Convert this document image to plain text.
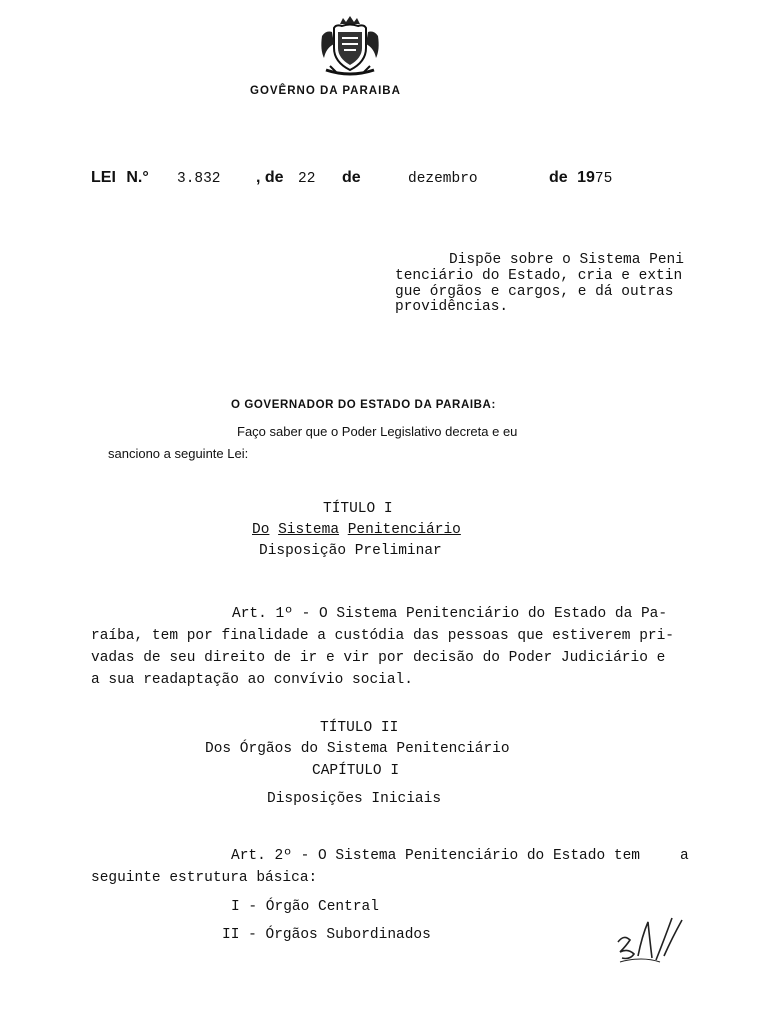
GOVÊRNO DA PARAIBA
LEI N.° 3.832 , de 22 de	dezembro	de 1975
Dispõe sobre o Sistema Peni
tenciário do Estado, cria e extin
gue órgãos e cargos, e dá outras
providências.
O GOVERNADOR DO ESTADO DA PARAIBA:
Faço saber que o Poder Legislativo decreta e eu
sanciono a seguinte Lei:
TÍTULO I
Do Sistema Penitenciário
Disposição Preliminar
Art. 1º - O Sistema Penitenciário do Estado da Pa-
raíba, tem por finalidade a custódia das pessoas que estiverem pri-
vadas de seu direito de ir e vir por decisão do Poder Judiciário e
a sua readaptação ao convívio social.
TÍTULO II
Dos Órgãos do Sistema Penitenciário
CAPÍTULO I
Disposições Iniciais
Art. 2º - O Sistema Penitenciário do Estado tem	a
seguinte estrutura básica:
I - Órgão Central
II - Órgãos Subordinados
